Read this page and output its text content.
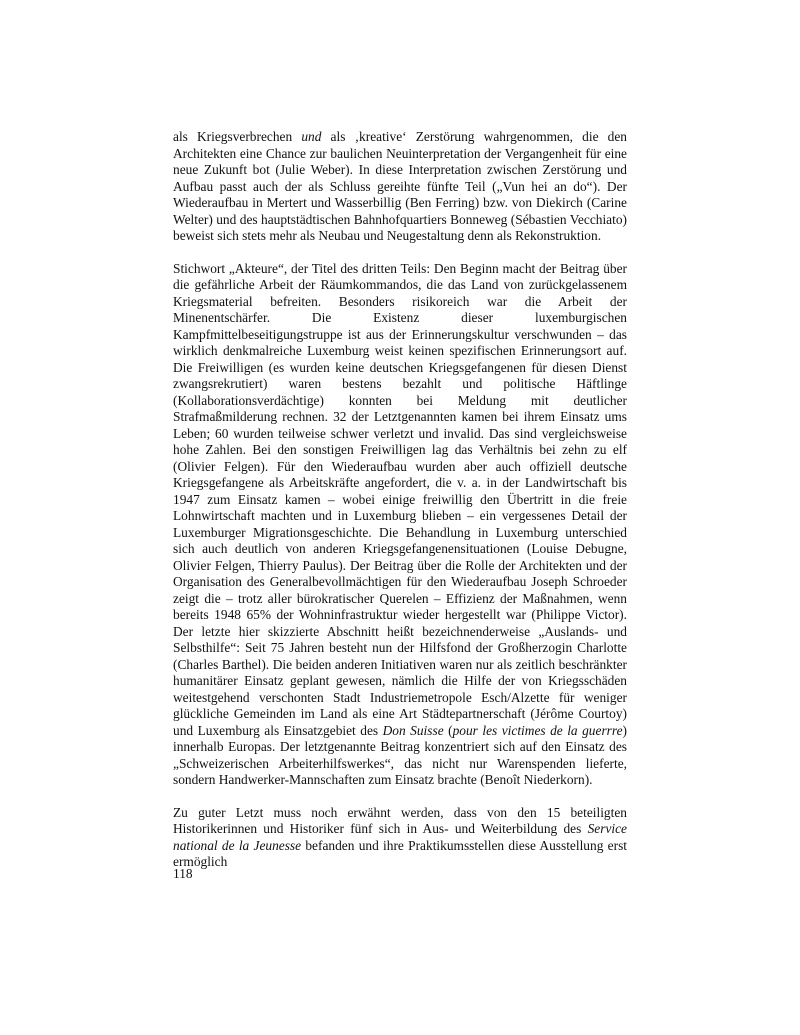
als Kriegsverbrechen und als ‚kreative‘ Zerstörung wahrgenommen, die den Architekten eine Chance zur baulichen Neuinterpretation der Vergangenheit für eine neue Zukunft bot (Julie Weber). In diese Interpretation zwischen Zerstörung und Aufbau passt auch der als Schluss gereihte fünfte Teil („Vun hei an do“). Der Wiederaufbau in Mertert und Wasserbillig (Ben Ferring) bzw. von Diekirch (Carine Welter) und des hauptstädtischen Bahnhofquartiers Bonneweg (Sébastien Vecchiato) beweist sich stets mehr als Neubau und Neugestaltung denn als Rekonstruktion.

Stichwort „Akteure“, der Titel des dritten Teils: Den Beginn macht der Beitrag über die gefährliche Arbeit der Räumkommandos, die das Land von zurückgelassenem Kriegsmaterial befreiten. Besonders risikoreich war die Arbeit der Minenentschärfer. Die Existenz dieser luxemburgischen Kampfmittelbeseitigungstruppe ist aus der Erinnerungskultur verschwunden – das wirklich denkmalreiche Luxemburg weist keinen spezifischen Erinnerungsort auf. Die Freiwilligen (es wurden keine deutschen Kriegsgefangenen für diesen Dienst zwangsrekrutiert) waren bestens bezahlt und politische Häftlinge (Kollaborationsverdächtige) konnten bei Meldung mit deutlicher Strafmaßmilderung rechnen. 32 der Letztgenannten kamen bei ihrem Einsatz ums Leben; 60 wurden teilweise schwer verletzt und invalid. Das sind vergleichsweise hohe Zahlen. Bei den sonstigen Freiwilligen lag das Verhältnis bei zehn zu elf (Olivier Felgen). Für den Wiederaufbau wurden aber auch offiziell deutsche Kriegsgefangene als Arbeitskräfte angefordert, die v. a. in der Landwirtschaft bis 1947 zum Einsatz kamen – wobei einige freiwillig den Übertritt in die freie Lohnwirtschaft machten und in Luxemburg blieben – ein vergessenes Detail der Luxemburger Migrationsgeschichte. Die Behandlung in Luxemburg unterschied sich auch deutlich von anderen Kriegsgefangenensituationen (Louise Debugne, Olivier Felgen, Thierry Paulus). Der Beitrag über die Rolle der Architekten und der Organisation des Generalbevollmächtigen für den Wiederaufbau Joseph Schroeder zeigt die – trotz aller bürokratischer Querelen – Effizienz der Maßnahmen, wenn bereits 1948 65% der Wohninfrastruktur wieder hergestellt war (Philippe Victor). Der letzte hier skizzierte Abschnitt heißt bezeichnenderweise „Auslands- und Selbsthilfe“: Seit 75 Jahren besteht nun der Hilfsfond der Großherzogin Charlotte (Charles Barthel). Die beiden anderen Initiativen waren nur als zeitlich beschränkter humanitärer Einsatz geplant gewesen, nämlich die Hilfe der von Kriegsschäden weitestgehend verschonten Stadt Industriemetropole Esch/Alzette für weniger glückliche Gemeinden im Land als eine Art Städtepartnerschaft (Jérôme Courtoy) und Luxemburg als Einsatzgebiet des Don Suisse (pour les victimes de la guerrre) innerhalb Europas. Der letztgenannte Beitrag konzentriert sich auf den Einsatz des „Schweizerischen Arbeiterhilfswerkes“, das nicht nur Warenspenden lieferte, sondern Handwerker-Mannschaften zum Einsatz brachte (Benoît Niederkorn).

Zu guter Letzt muss noch erwähnt werden, dass von den 15 beteiligten Historikerinnen und Historiker fünf sich in Aus- und Weiterbildung des Service national de la Jeunesse befanden und ihre Praktikumsstellen diese Ausstellung erst ermöglich

118
